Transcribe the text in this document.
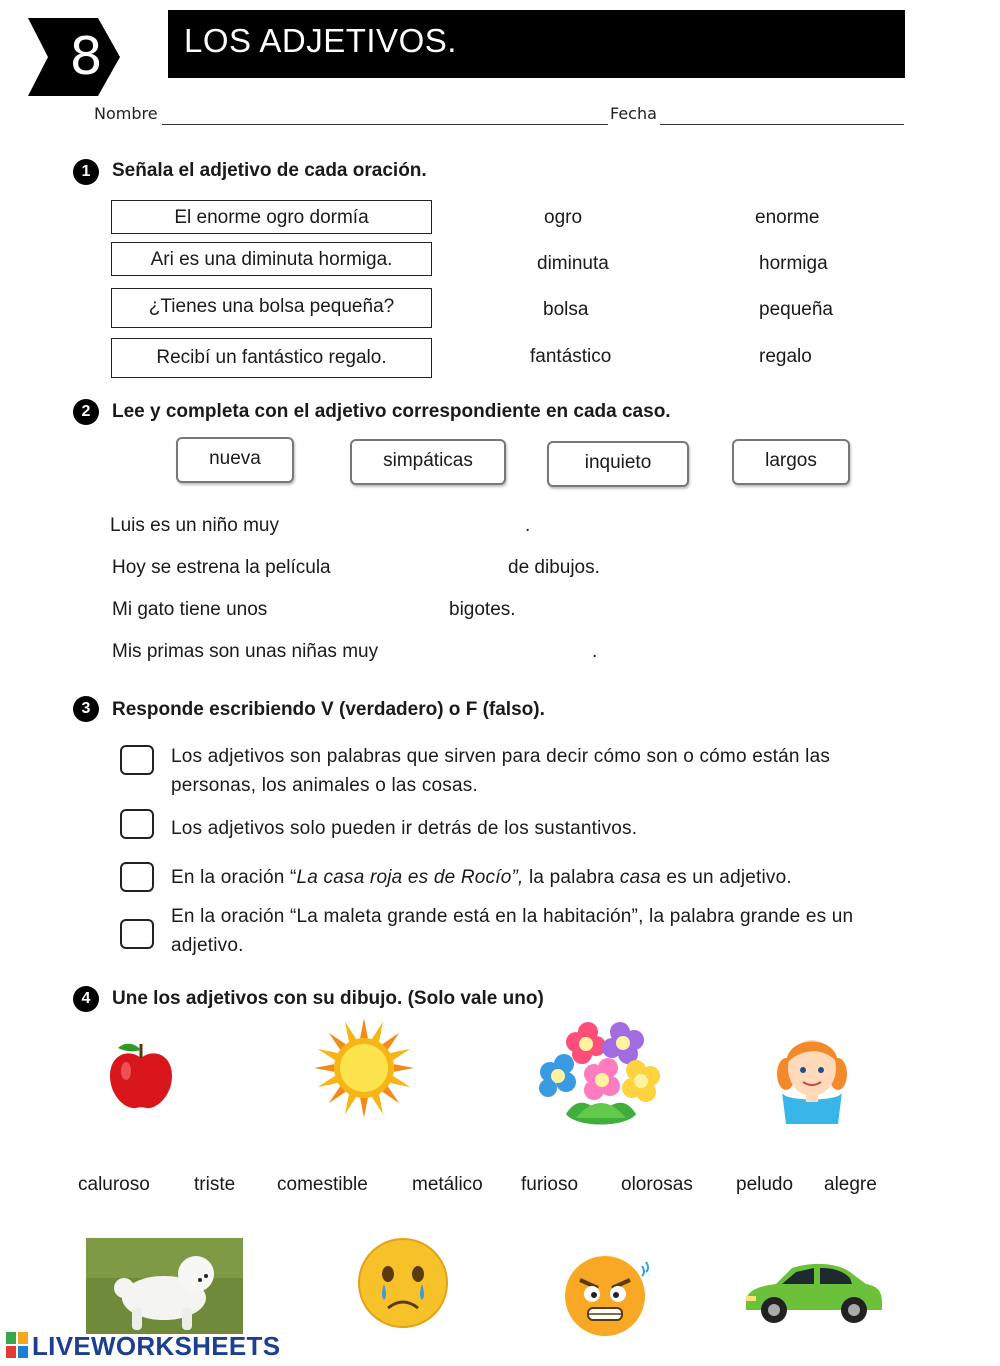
8	LOS ADJETIVOS.
Nombre	Fecha
1	Señala el adjetivo de cada oración.
El enorme ogro dormía	ogro	enorme
Ari es una diminuta hormiga.	diminuta	hormiga
¿Tienes una bolsa pequeña?	bolsa	pequeña
Recibí un fantástico regalo.	fantástico	regalo
2	Lee y completa con el adjetivo correspondiente en cada caso.
nueva	simpáticas	inquieto	largos
Luis es un niño muy	.
Hoy se estrena la película	de dibujos.
Mi gato tiene unos	bigotes.
Mis primas son unas niñas muy	.
3	Responde escribiendo V (verdadero) o F (falso).
Los adjetivos son palabras que sirven para decir cómo son o cómo están las personas, los animales o las cosas.
Los adjetivos solo pueden ir detrás de los sustantivos.
En la oración “La casa roja es de Rocío”, la palabra casa es un adjetivo.
En la oración “La maleta grande está en la habitación”, la palabra grande es un adjetivo.
4	Une los adjetivos con su dibujo. (Solo vale uno)
caluroso triste comestible metálico furioso olorosas peludo alegre
LIVEWORKSHEETS
